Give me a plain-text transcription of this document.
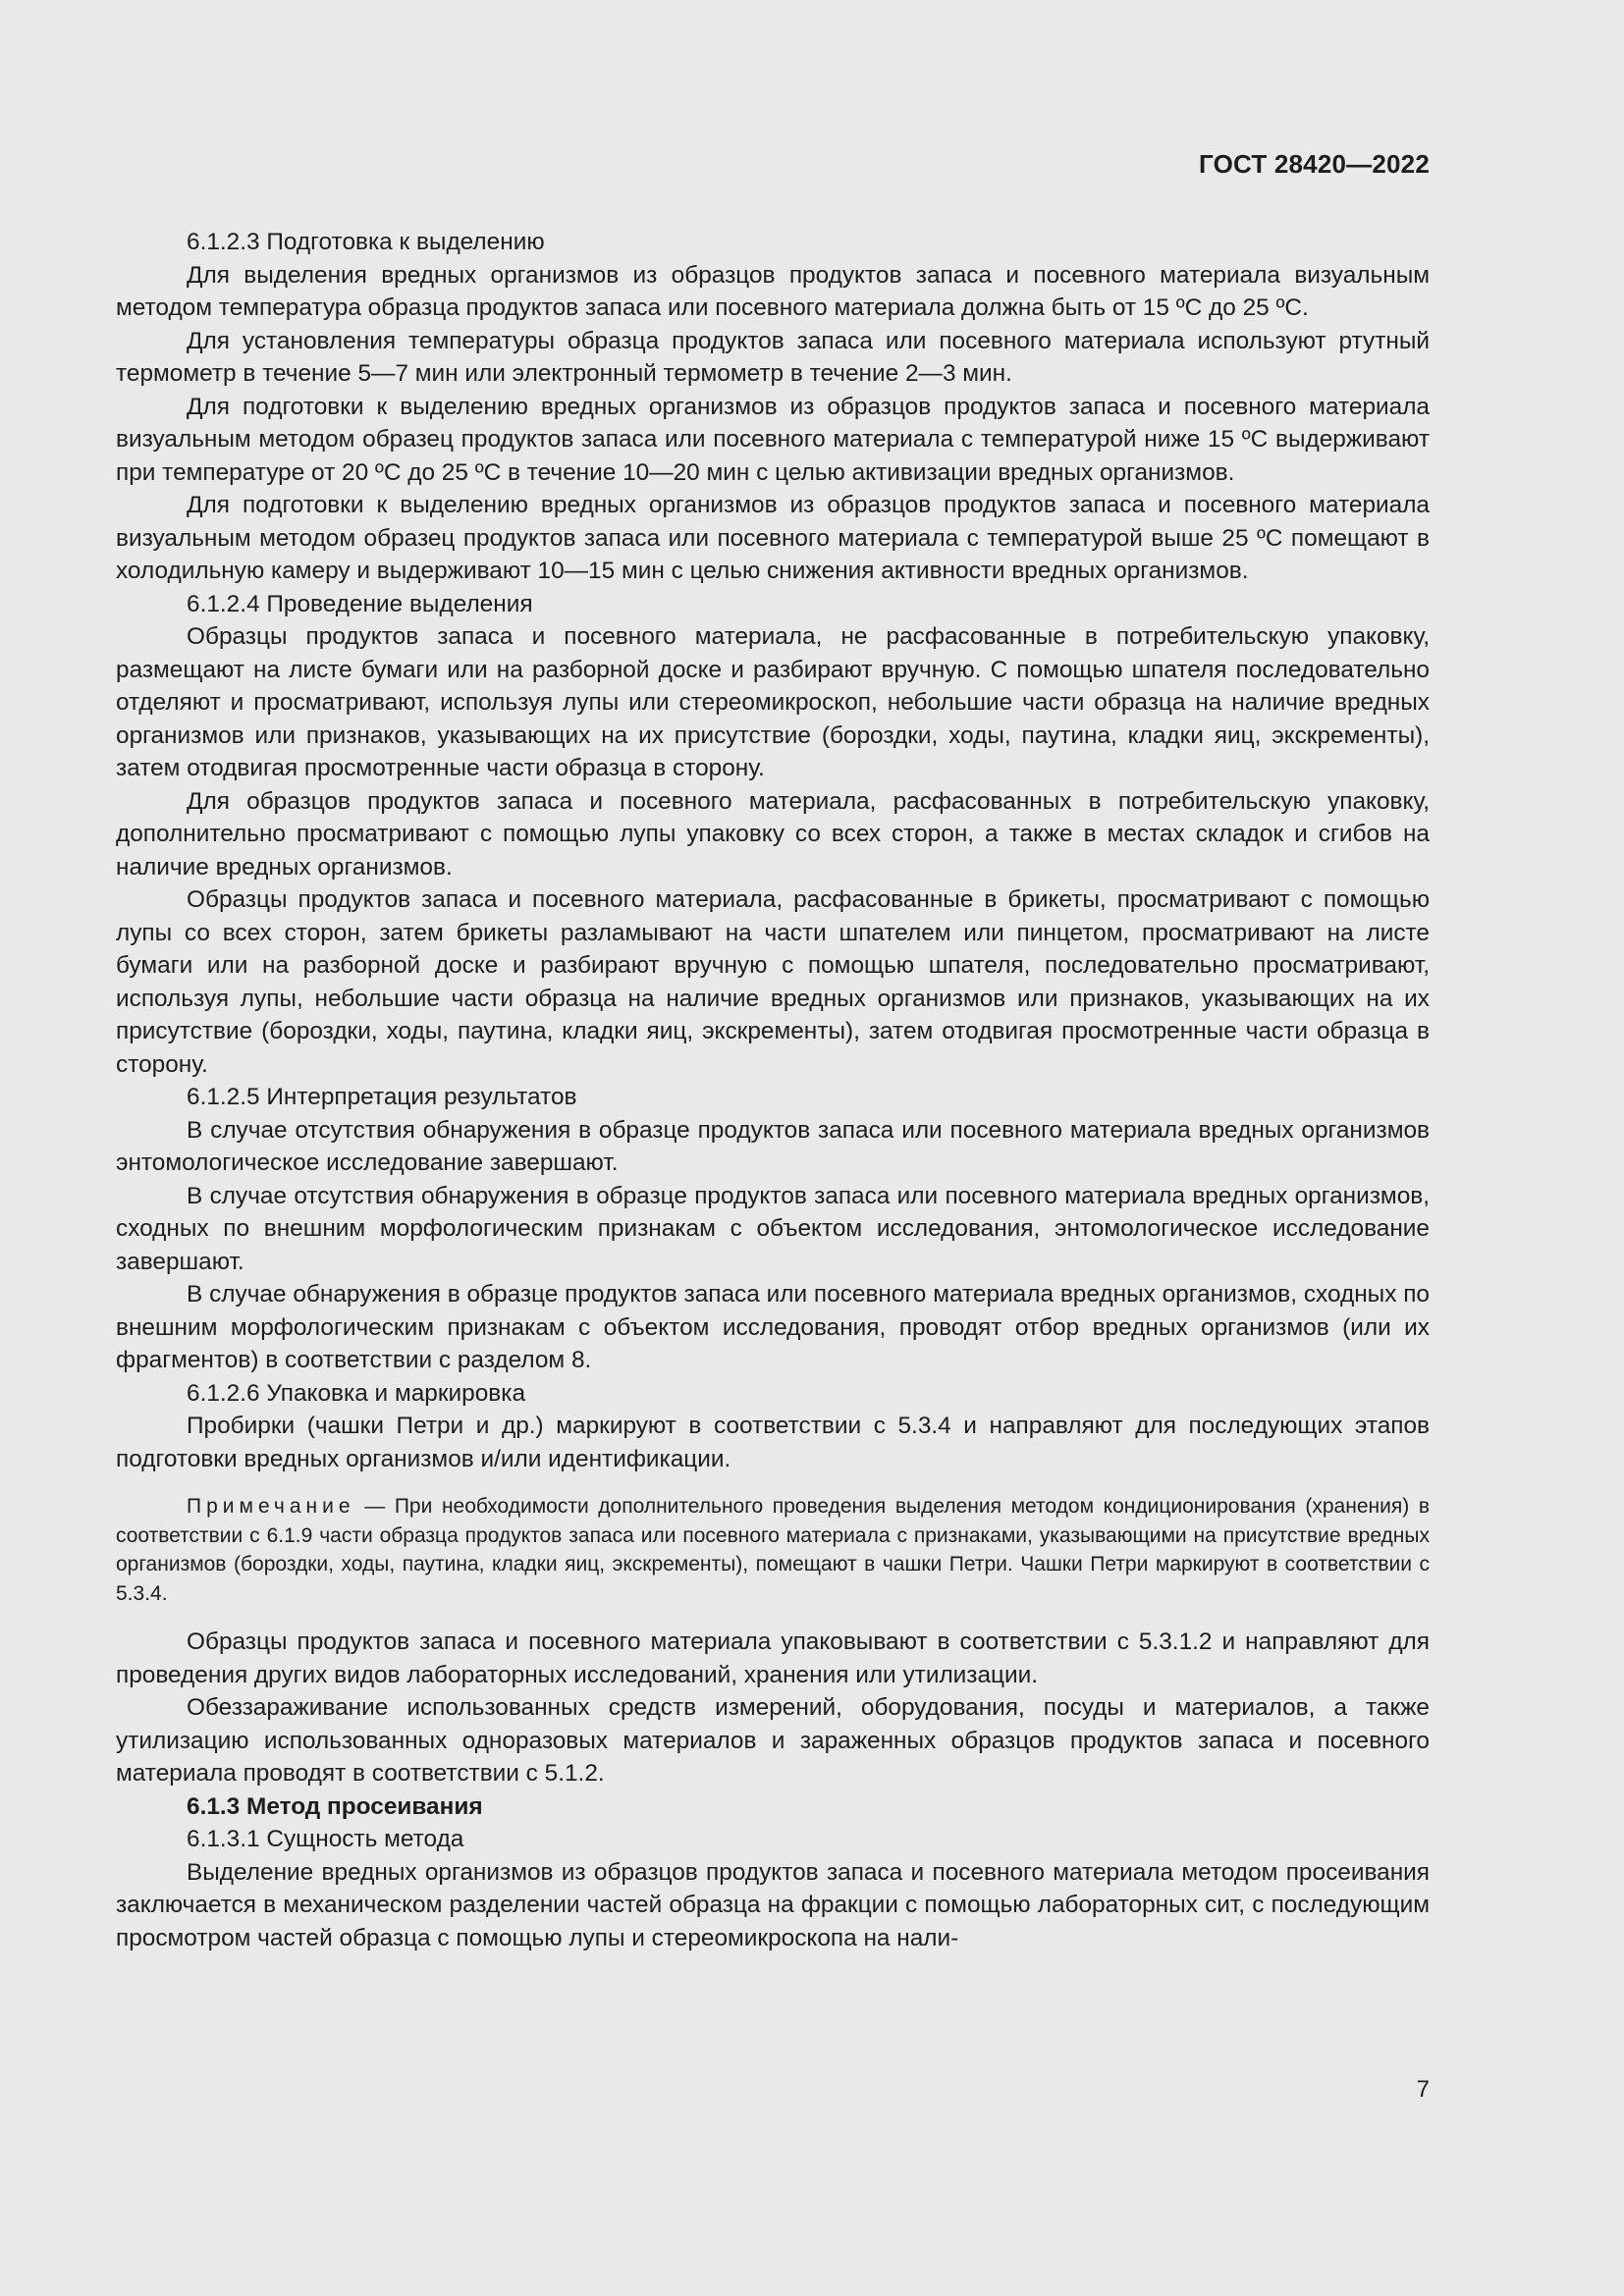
ГОСТ 28420—2022

6.1.2.3 Подготовка к выделению

Для выделения вредных организмов из образцов продуктов запаса и посевного материала визуальным методом температура образца продуктов запаса или посевного материала должна быть от 15 ºС до 25 ºС.

Для установления температуры образца продуктов запаса или посевного материала используют ртутный термометр в течение 5—7 мин или электронный термометр в течение 2—3 мин.

Для подготовки к выделению вредных организмов из образцов продуктов запаса и посевного материала визуальным методом образец продуктов запаса или посевного материала с температурой ниже 15 ºС выдерживают при температуре от 20 ºС до 25 ºС в течение 10—20 мин с целью активизации вредных организмов.

Для подготовки к выделению вредных организмов из образцов продуктов запаса и посевного материала визуальным методом образец продуктов запаса или посевного материала с температурой выше 25 ºС помещают в холодильную камеру и выдерживают 10—15 мин с целью снижения активности вредных организмов.

6.1.2.4 Проведение выделения

Образцы продуктов запаса и посевного материала, не расфасованные в потребительскую упаковку, размещают на листе бумаги или на разборной доске и разбирают вручную. С помощью шпателя последовательно отделяют и просматривают, используя лупы или стереомикроскоп, небольшие части образца на наличие вредных организмов или признаков, указывающих на их присутствие (бороздки, ходы, паутина, кладки яиц, экскременты), затем отодвигая просмотренные части образца в сторону.

Для образцов продуктов запаса и посевного материала, расфасованных в потребительскую упаковку, дополнительно просматривают с помощью лупы упаковку со всех сторон, а также в местах складок и сгибов на наличие вредных организмов.

Образцы продуктов запаса и посевного материала, расфасованные в брикеты, просматривают с помощью лупы со всех сторон, затем брикеты разламывают на части шпателем или пинцетом, просматривают на листе бумаги или на разборной доске и разбирают вручную с помощью шпателя, последовательно просматривают, используя лупы, небольшие части образца на наличие вредных организмов или признаков, указывающих на их присутствие (бороздки, ходы, паутина, кладки яиц, экскременты), затем отодвигая просмотренные части образца в сторону.

6.1.2.5 Интерпретация результатов

В случае отсутствия обнаружения в образце продуктов запаса или посевного материала вредных организмов энтомологическое исследование завершают.

В случае отсутствия обнаружения в образце продуктов запаса или посевного материала вредных организмов, сходных по внешним морфологическим признакам с объектом исследования, энтомологическое исследование завершают.

В случае обнаружения в образце продуктов запаса или посевного материала вредных организмов, сходных по внешним морфологическим признакам с объектом исследования, проводят отбор вредных организмов (или их фрагментов) в соответствии с разделом 8.

6.1.2.6 Упаковка и маркировка

Пробирки (чашки Петри и др.) маркируют в соответствии с 5.3.4 и направляют для последующих этапов подготовки вредных организмов и/или идентификации.

Примечание — При необходимости дополнительного проведения выделения методом кондиционирования (хранения) в соответствии с 6.1.9 части образца продуктов запаса или посевного материала с признаками, указывающими на присутствие вредных организмов (бороздки, ходы, паутина, кладки яиц, экскременты), помещают в чашки Петри. Чашки Петри маркируют в соответствии с 5.3.4.

Образцы продуктов запаса и посевного материала упаковывают в соответствии с 5.3.1.2 и направляют для проведения других видов лабораторных исследований, хранения или утилизации.

Обеззараживание использованных средств измерений, оборудования, посуды и материалов, а также утилизацию использованных одноразовых материалов и зараженных образцов продуктов запаса и посевного материала проводят в соответствии с 5.1.2.

6.1.3 Метод просеивания

6.1.3.1 Сущность метода

Выделение вредных организмов из образцов продуктов запаса и посевного материала методом просеивания заключается в механическом разделении частей образца на фракции с помощью лабораторных сит, с последующим просмотром частей образца с помощью лупы и стереомикроскопа на нали-

7
